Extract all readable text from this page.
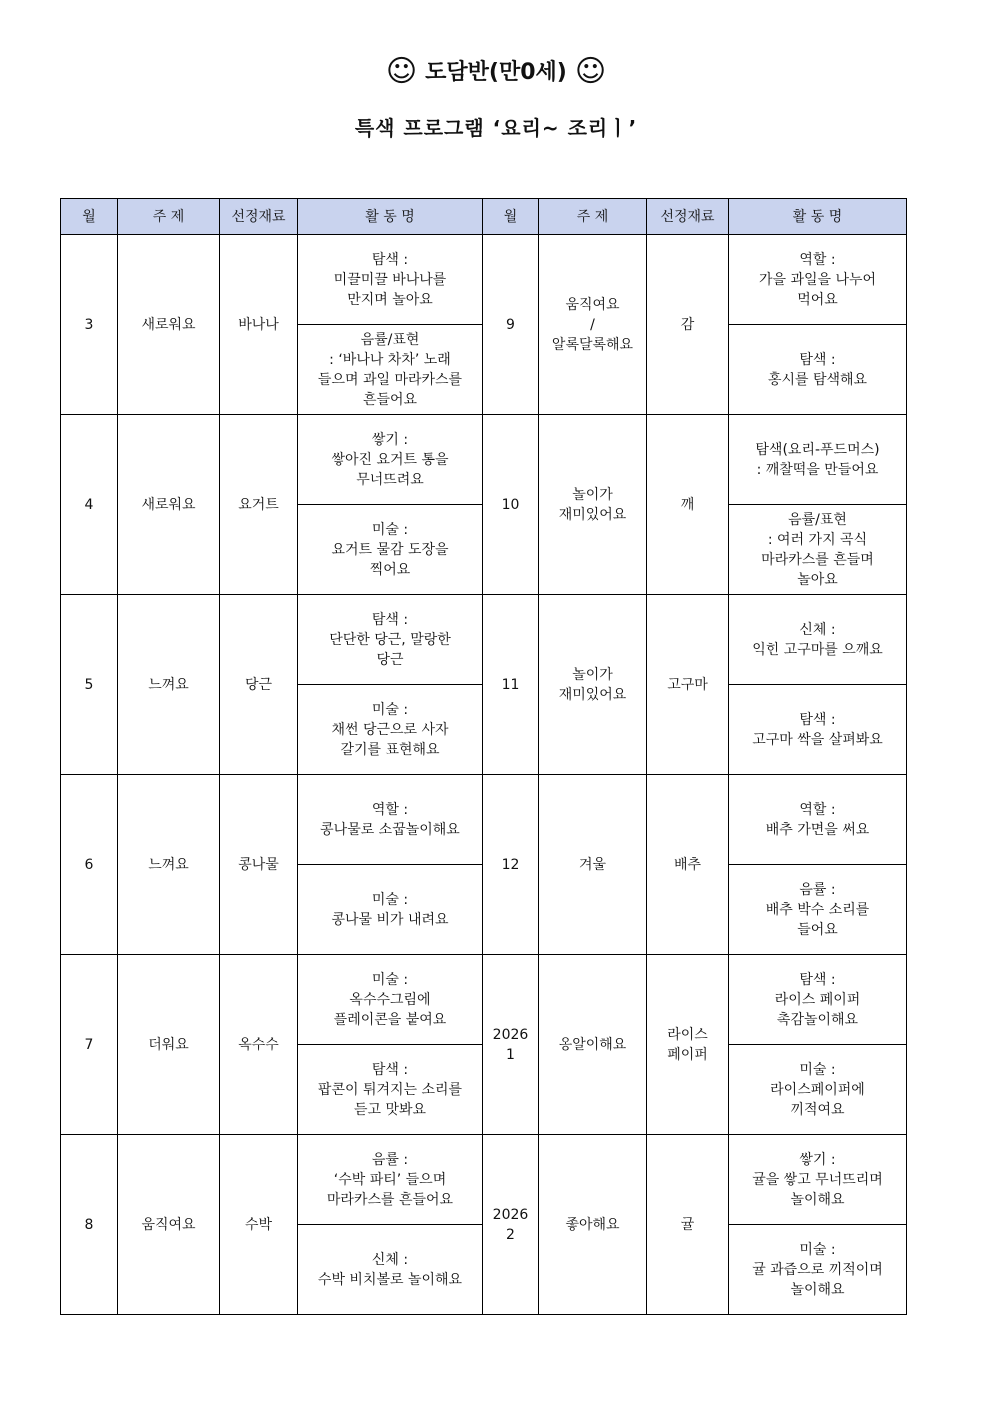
☺ 도담반(만0세) ☺
특색 프로그램 ‘요리~ 조리ㅣ’
월	주 제	선정재료	활 동 명	월	주 제	선정재료	활 동 명
3	새로워요	바나나	탐색 :
미끌미끌 바나나를
만지며 놀아요	9	움직여요
/
알록달록해요	감	역할 :
가을 과일을 나누어
먹어요
			음률/표현
: ‘바나나 차차’ 노래
들으며 과일 마라카스를
흔들어요				탐색 :
홍시를 탐색해요
4	새로워요	요거트	쌓기 :
쌓아진 요거트 통을
무너뜨려요	10	놀이가
재미있어요	깨	탐색(요리-푸드머스)
: 깨찰떡을 만들어요
			미술 :
요거트 물감 도장을
찍어요				음률/표현
: 여러 가지 곡식
마라카스를 흔들며
놀아요
5	느껴요	당근	탐색 :
단단한 당근, 말랑한
당근	11	놀이가
재미있어요	고구마	신체 :
익힌 고구마를 으깨요
			미술 :
채썬 당근으로 사자
갈기를 표현해요				탐색 :
고구마 싹을 살펴봐요
6	느껴요	콩나물	역할 :
콩나물로 소꿉놀이해요	12	겨울	배추	역할 :
배추 가면을 써요
			미술 :
콩나물 비가 내려요				음률 :
배추 박수 소리를
들어요
7	더워요	옥수수	미술 :
옥수수그림에
플레이콘을 붙여요	2026
1	옹알이해요	라이스
페이퍼	탐색 :
라이스 페이퍼
촉감놀이해요
			탐색 :
팝콘이 튀겨지는 소리를
듣고 맛봐요				미술 :
라이스페이퍼에
끼적여요
8	움직여요	수박	음률 :
‘수박 파티’ 들으며
마라카스를 흔들어요	2026
2	좋아해요	귤	쌓기 :
귤을 쌓고 무너뜨리며
놀이해요
			신체 :
수박 비치볼로 놀이해요				미술 :
귤 과즙으로 끼적이며
놀이해요
